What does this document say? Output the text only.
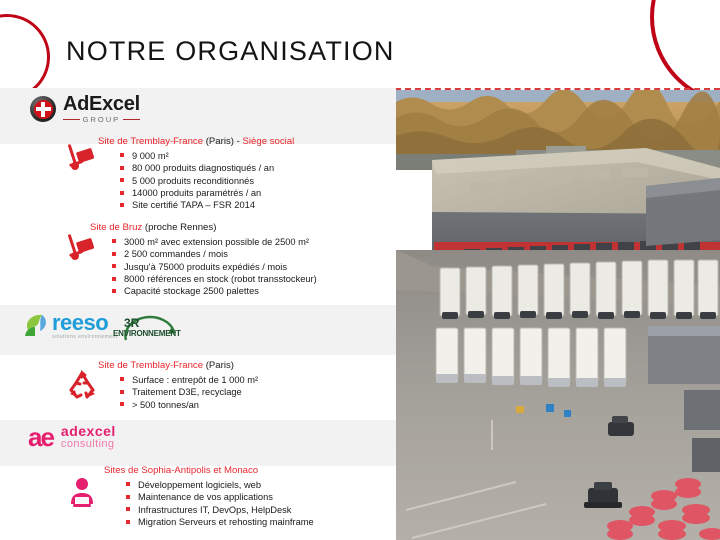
NOTRE ORGANISATION
AdExcel
GROUP
Site de Tremblay-France (Paris) - Siège social
9 000 m²
80 000 produits diagnostiqués / an
5 000 produits reconditionnés
14000 produits paramétrés / an
Site certifié TAPA – FSR 2014
Site de Bruz (proche Rennes)
3000 m² avec extension possible de 2500 m²
2 500 commandes / mois
Jusqu'à 75000 produits expédiés / mois
8000 références en stock (robot transstockeur)
Capacité stockage 2500 palettes
reeso
solutions environnement
3R
ENVIRONNEMENT
Site de Tremblay-France (Paris)
Surface : entrepôt de 1 000 m²
Traitement D3E, recyclage
> 500 tonnes/an
ae adexcel
consulting
Sites de Sophia-Antipolis et Monaco
Développement logiciels, web
Maintenance de vos applications
Infrastructures IT, DevOps, HelpDesk
Migration Serveurs et rehosting mainframe
